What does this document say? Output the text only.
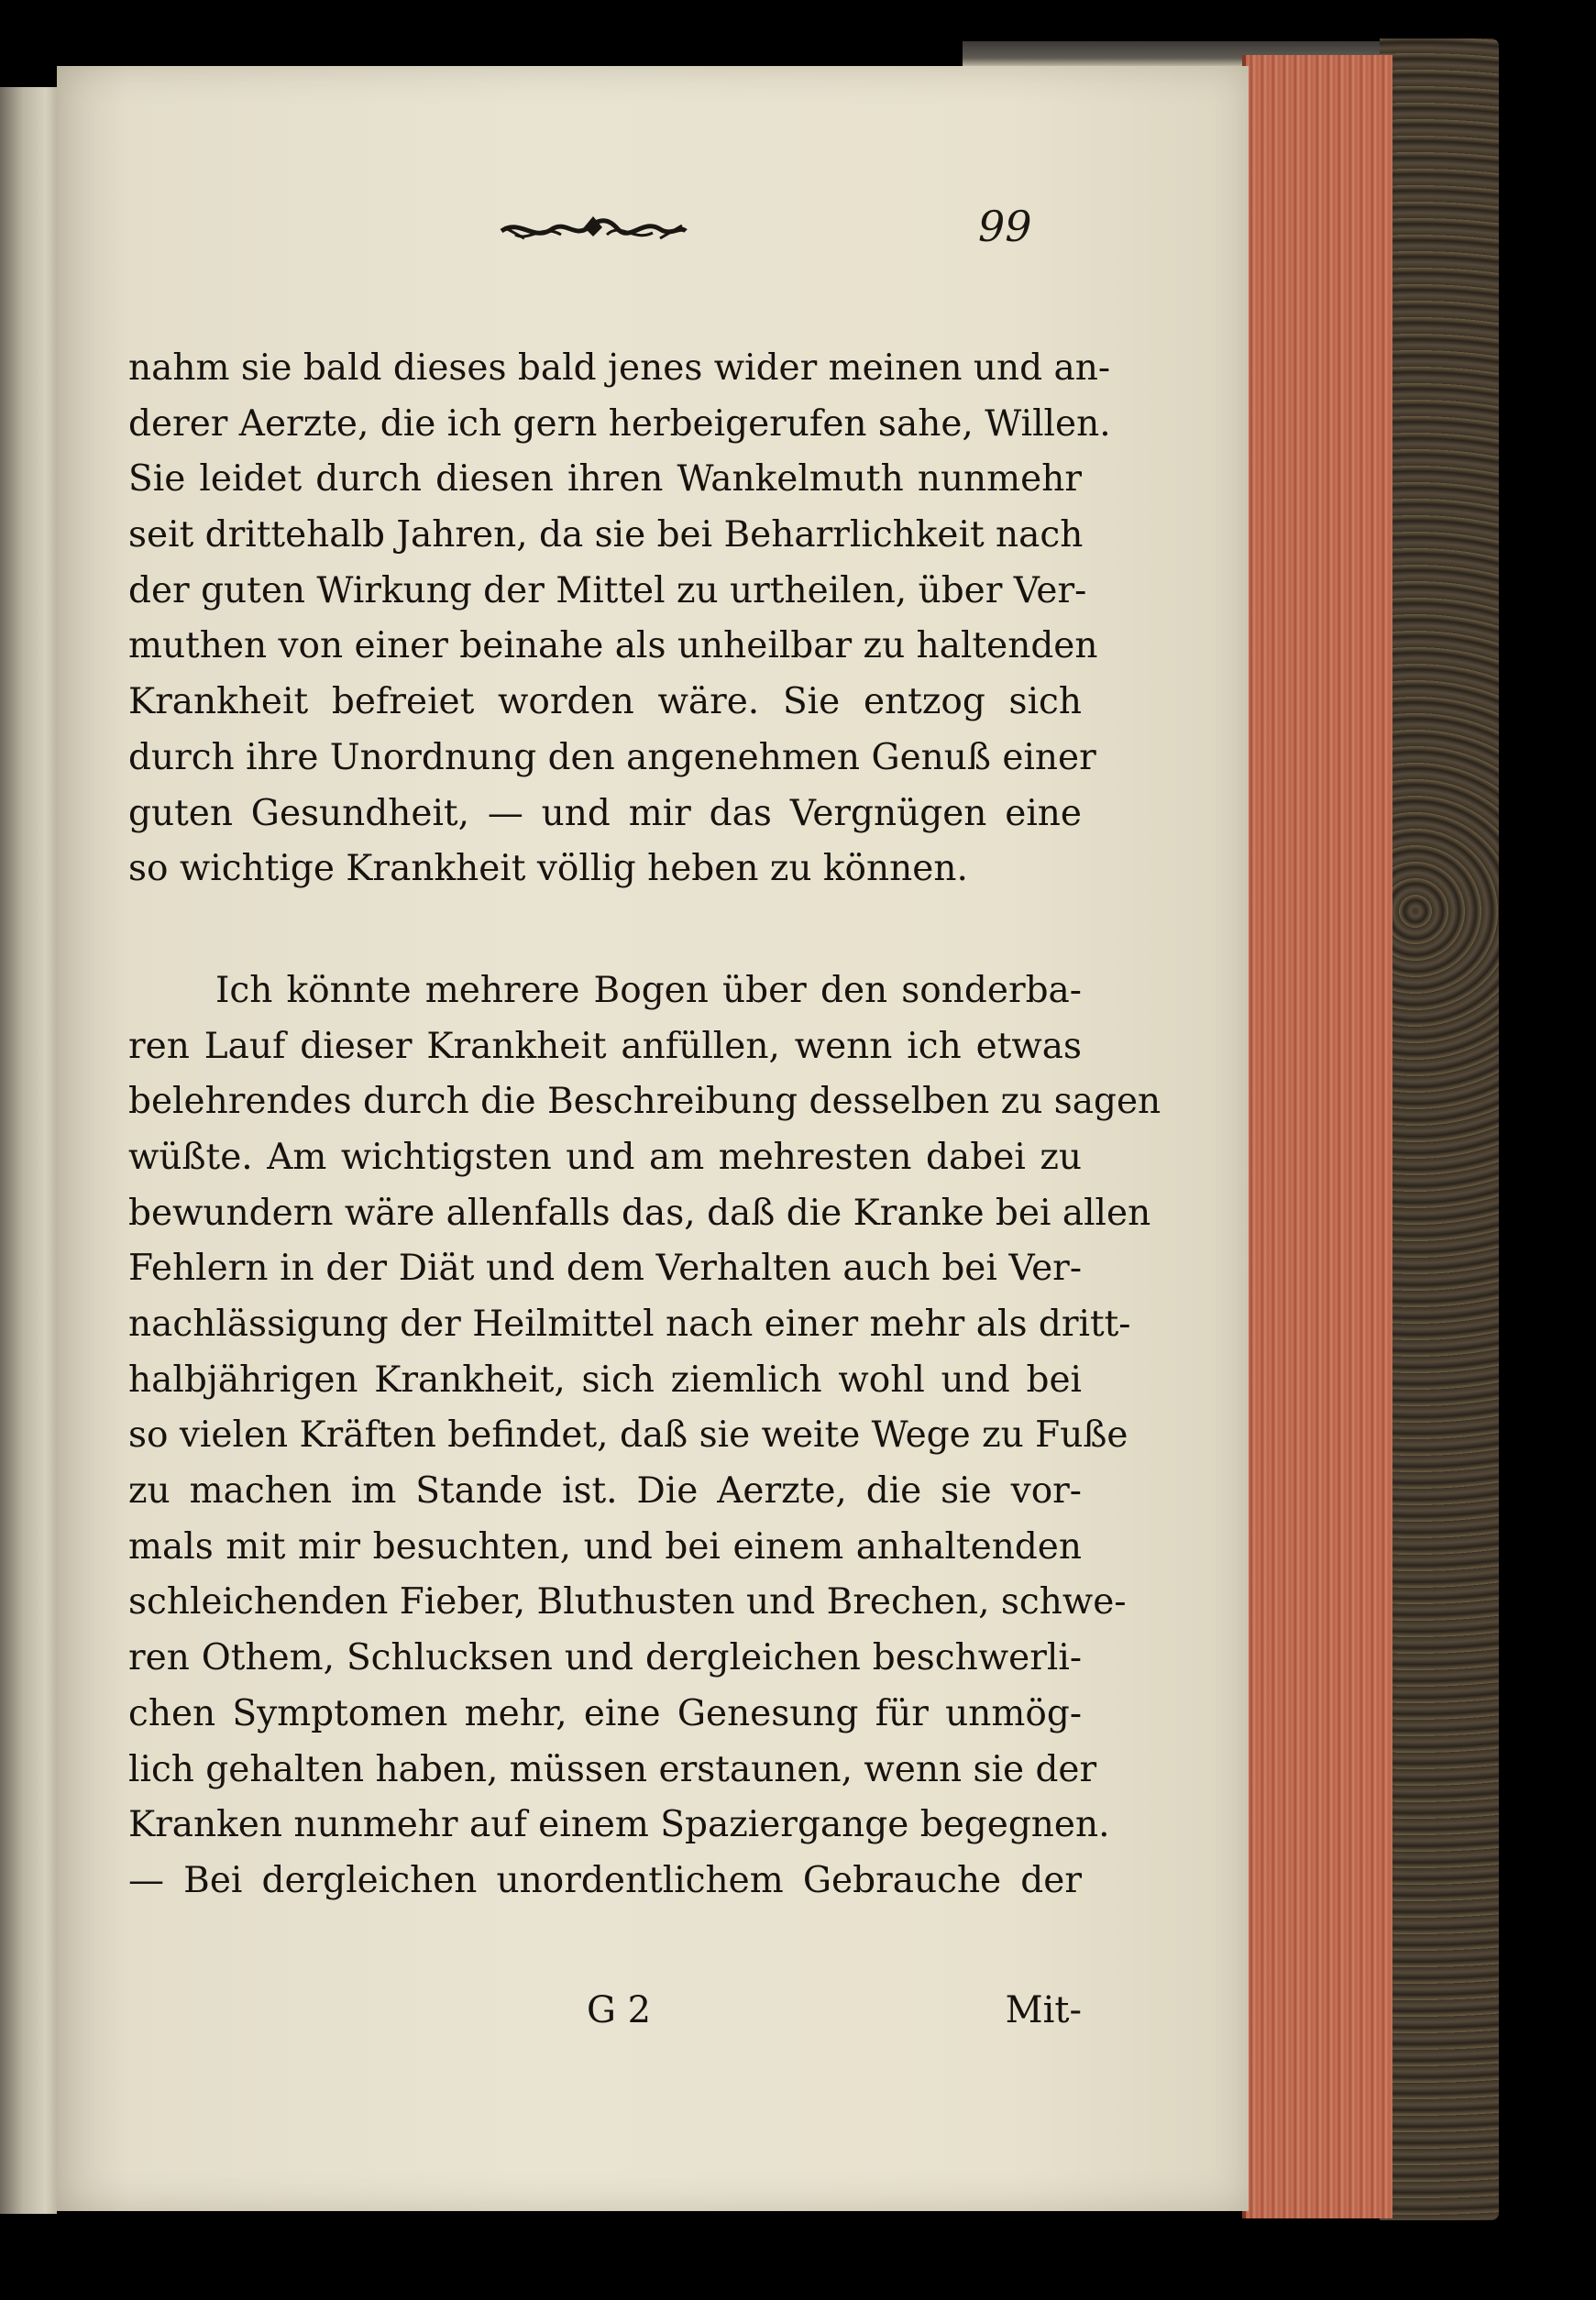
99
nahm sie bald dieses bald jenes wider meinen und an-
derer Aerzte, die ich gern herbeigerufen sahe, Willen.
Sie leidet durch diesen ihren Wankelmuth nunmehr
seit drittehalb Jahren, da sie bei Beharrlichkeit nach
der guten Wirkung der Mittel zu urtheilen, über Ver-
muthen von einer beinahe als unheilbar zu haltenden
Krankheit befreiet worden wäre. Sie entzog sich
durch ihre Unordnung den angenehmen Genuß einer
guten Gesundheit, — und mir das Vergnügen eine
so wichtige Krankheit völlig heben zu können.
Ich könnte mehrere Bogen über den sonderba-
ren Lauf dieser Krankheit anfüllen, wenn ich etwas
belehrendes durch die Beschreibung desselben zu sagen
wüßte. Am wichtigsten und am mehresten dabei zu
bewundern wäre allenfalls das, daß die Kranke bei allen
Fehlern in der Diät und dem Verhalten auch bei Ver-
nachlässigung der Heilmittel nach einer mehr als dritt-
halbjährigen Krankheit, sich ziemlich wohl und bei
so vielen Kräften befindet, daß sie weite Wege zu Fuße
zu machen im Stande ist. Die Aerzte, die sie vor-
mals mit mir besuchten, und bei einem anhaltenden
schleichenden Fieber, Bluthusten und Brechen, schwe-
ren Othem, Schlucksen und dergleichen beschwerli-
chen Symptomen mehr, eine Genesung für unmög-
lich gehalten haben, müssen erstaunen, wenn sie der
Kranken nunmehr auf einem Spaziergange begegnen.
— Bei dergleichen unordentlichem Gebrauche der
G 2	Mit-
